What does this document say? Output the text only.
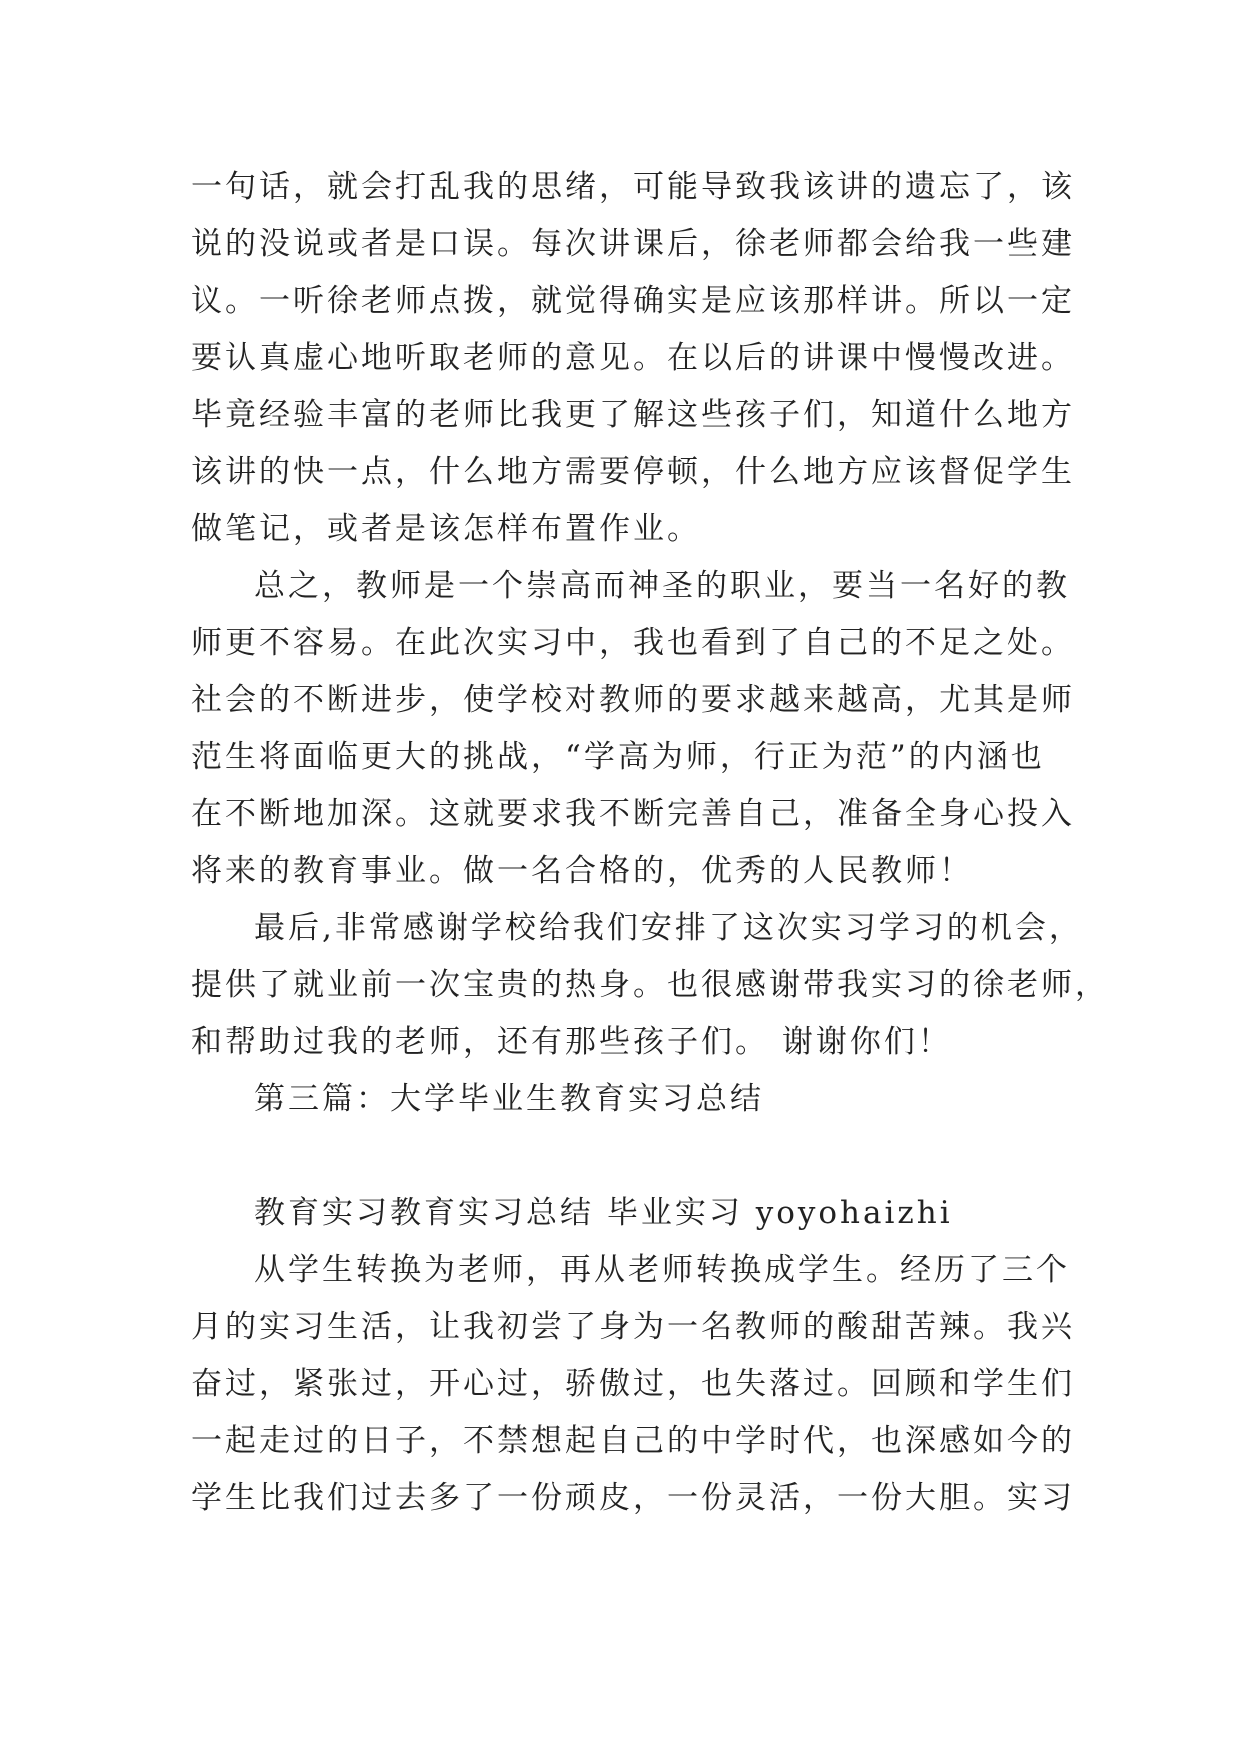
一句话，就会打乱我的思绪，可能导致我该讲的遗忘了，该
说的没说或者是口误。每次讲课后，徐老师都会给我一些建
议。一听徐老师点拨，就觉得确实是应该那样讲。所以一定
要认真虚心地听取老师的意见。在以后的讲课中慢慢改进。
毕竟经验丰富的老师比我更了解这些孩子们，知道什么地方
该讲的快一点，什么地方需要停顿，什么地方应该督促学生
做笔记，或者是该怎样布置作业。
总之，教师是一个崇高而神圣的职业，要当一名好的教
师更不容易。在此次实习中，我也看到了自己的不足之处。
社会的不断进步，使学校对教师的要求越来越高，尤其是师
范生将面临更大的挑战，“学高为师，行正为范”的内涵也
在不断地加深。这就要求我不断完善自己，准备全身心投入
将来的教育事业。做一名合格的，优秀的人民教师！
最后,非常感谢学校给我们安排了这次实习学习的机会，
提供了就业前一次宝贵的热身。也很感谢带我实习的徐老师，
和帮助过我的老师，还有那些孩子们。 谢谢你们！
第三篇：大学毕业生教育实习总结
教育实习教育实习总结 毕业实习 yoyohaizhi
从学生转换为老师，再从老师转换成学生。经历了三个
月的实习生活，让我初尝了身为一名教师的酸甜苦辣。我兴
奋过，紧张过，开心过，骄傲过，也失落过。回顾和学生们
一起走过的日子，不禁想起自己的中学时代，也深感如今的
学生比我们过去多了一份顽皮，一份灵活，一份大胆。实习
